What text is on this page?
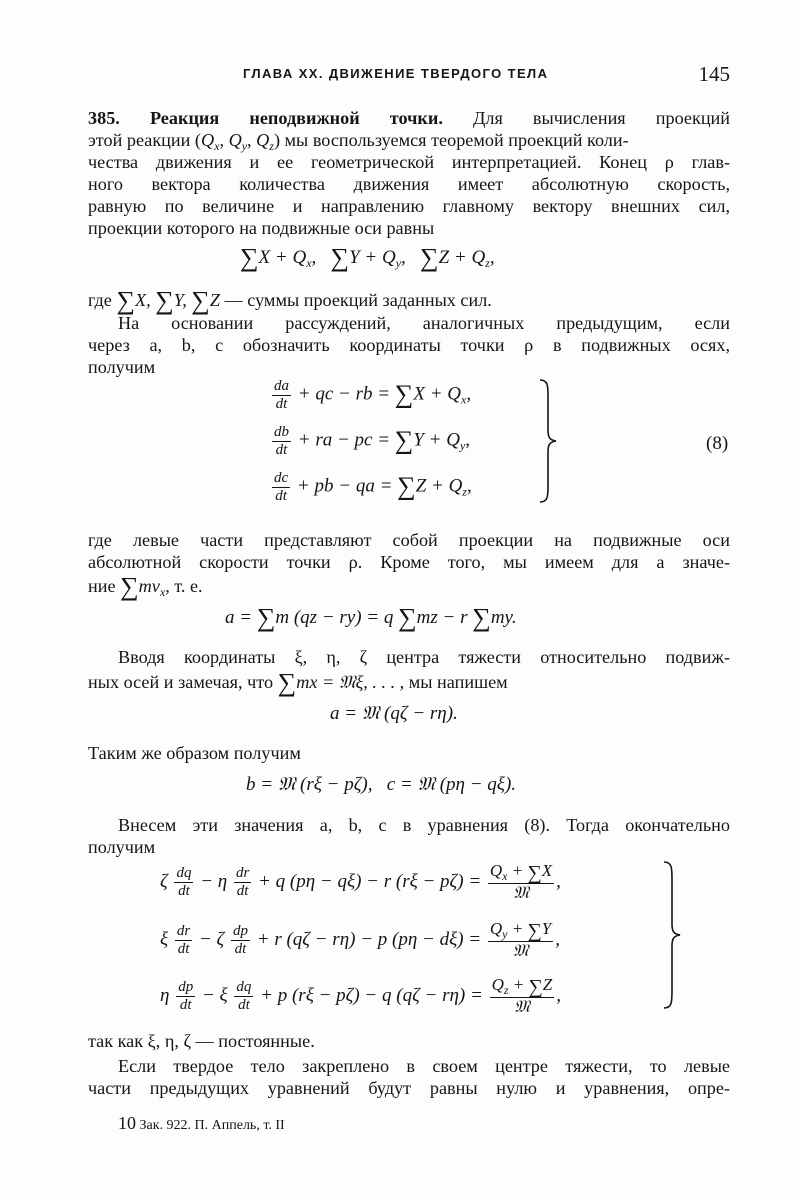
ГЛАВА XX. ДВИЖЕНИЕ ТВЕРДОГО ТЕЛА	145
385. Реакция неподвижной точки. Для вычисления проекций
этой реакции ($Q_x$, $Q_y$, $Q_z$) мы воспользуемся теоремой проекций коли-
чества движения и ее геометрической интерпретацией. Конец ρ глав-
ного вектора количества движения имеет абсолютную скорость,
равную по величине и направлению главному вектору внешних сил,
проекции которого на подвижные оси равны
$\sum X + Q_x$,   $\sum Y + Q_y$,   $\sum Z + Q_z$,
где ∑X, ∑Y, ∑Z — суммы проекций заданных сил.
На основании рассуждений, аналогичных предыдущим, если
через a, b, c обозначить координаты точки ρ в подвижных осях,
получим
$\frac{da}{dt}$ + qc − rb = $\sum X + Q_x$,
$\frac{db}{dt}$ + ra − pc = $\sum Y + Q_y$,
$\frac{dc}{dt}$ + pb − qa = $\sum Z + Q_z$,
(8)
где левые части представляют собой проекции на подвижные оси
абсолютной скорости точки ρ. Кроме того, мы имеем для a значе-
ние $\sum mv_x$, т. е.
a = ∑m (qz − ry) = q ∑mz − r ∑my.
Вводя координаты ξ, η, ζ центра тяжести относительно подвиж-
ных осей и замечая, что ∑mx = 𝔐ξ, . . . , мы напишем
a = 𝔐 (qζ − rη).
Таким же образом получим
b = 𝔐 (rξ − pζ),   c = 𝔐 (pη − qξ).
Внесем эти значения a, b, c в уравнения (8). Тогда окончательно
получим
ζ $\frac{dq}{dt} - \eta \frac{dr}{dt} + q$ (pη − qξ) − r $(r\xi - p\zeta) = \frac{Q_x + \sum X}{\text{𝔐}}$ ,
ξ $\frac{dr}{dt} - \zeta \frac{dp}{dt} + r$ (qζ − rη) − p $(p\eta - d\xi) = \frac{Q_y + \sum Y}{\text{𝔐}}$ ,
η $\frac{dp}{dt} - \xi \frac{dq}{dt} + p$ (rξ − pζ) − q $(q\zeta - r\eta) = \frac{Q_z + \sum Z}{\text{𝔐}}$ ,
так как ξ, η, ζ — постоянные.
Если твердое тело закреплено в своем центре тяжести, то левые
части предыдущих уравнений будут равны нулю и уравнения, опре-
10 Зак. 922. П. Аппель, т. II
